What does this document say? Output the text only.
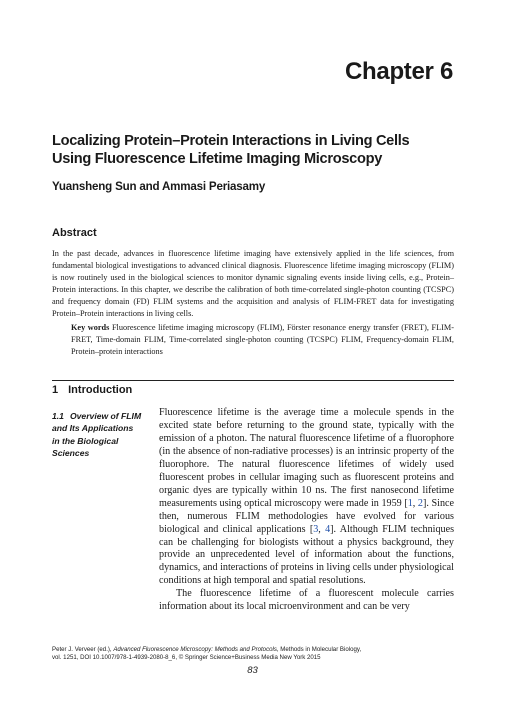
Chapter 6
Localizing Protein–Protein Interactions in Living Cells
Using Fluorescence Lifetime Imaging Microscopy
Yuansheng Sun and Ammasi Periasamy
Abstract
In the past decade, advances in fluorescence lifetime imaging have extensively applied in the life sciences, from fundamental biological investigations to advanced clinical diagnosis. Fluorescence lifetime imaging microscopy (FLIM) is now routinely used in the biological sciences to monitor dynamic signaling events inside living cells, e.g., Protein–Protein interactions. In this chapter, we describe the calibration of both time-correlated single-photon counting (TCSPC) and frequency domain (FD) FLIM systems and the acquisition and analysis of FLIM-FRET data for investigating Protein–Protein interactions in living cells.
Key words Fluorescence lifetime imaging microscopy (FLIM), Förster resonance energy transfer (FRET), FLIM-FRET, Time-domain FLIM, Time-correlated single-photon counting (TCSPC) FLIM, Frequency-domain FLIM, Protein–protein interactions
1 Introduction
1.1 Overview of FLIM
and Its Applications
in the Biological
Sciences

Fluorescence lifetime is the average time a molecule spends in the excited state before returning to the ground state, typically with the emission of a photon. The natural fluorescence lifetime of a fluorophore (in the absence of non-radiative processes) is an intrinsic property of the fluorophore. The natural fluorescence lifetimes of widely used fluorescent probes in cellular imaging such as fluorescent proteins and organic dyes are typically within 10 ns. The first nanosecond lifetime measurements using optical microscopy were made in 1959 [1, 2]. Since then, numerous FLIM methodologies have evolved for various biological and clinical applications [3, 4]. Although FLIM techniques can be challenging for biologists without a physics background, they provide an unprecedented level of information about the functions, dynamics, and interactions of proteins in living cells under physiological conditions at high temporal and spatial resolutions.

The fluorescence lifetime of a fluorescent molecule carries information about its local microenvironment and can be very

Peter J. Verveer (ed.), Advanced Fluorescence Microscopy: Methods and Protocols, Methods in Molecular Biology,
vol. 1251, DOI 10.1007/978-1-4939-2080-8_6, © Springer Science+Business Media New York 2015
83
